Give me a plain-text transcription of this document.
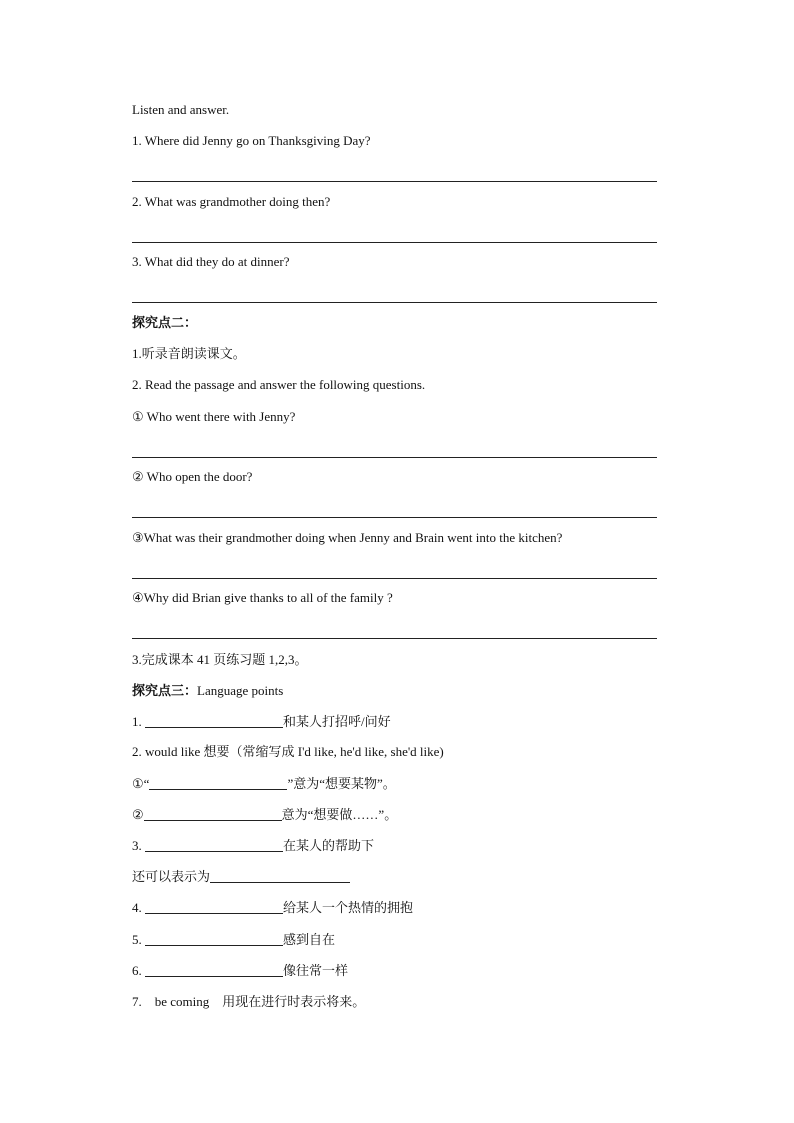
Listen and answer.
1. Where did Jenny go on Thanksgiving Day?
2. What was grandmother doing then?
3. What did they do at dinner?
探究点二：
1.听录音朗读课文。
2. Read the passage and answer the following questions.
① Who went there with Jenny?
② Who open the door?
③What was their grandmother doing when Jenny and Brain went into the kitchen?
④Why did Brian give thanks to all of the family ?
3.完成课本 41 页练习题 1,2,3。
探究点三：Language points
1.	和某人打招呼/问好
2. would like 想要（常缩写成 I'd like, he'd like, she'd like)
①“	”意为“想要某物”。
②	意为“想要做……”。
3.	在某人的帮助下
还可以表示为
4.	给某人一个热情的拥抱
5.	感到自在
6.	像往常一样
7.    be coming    用现在进行时表示将来。
